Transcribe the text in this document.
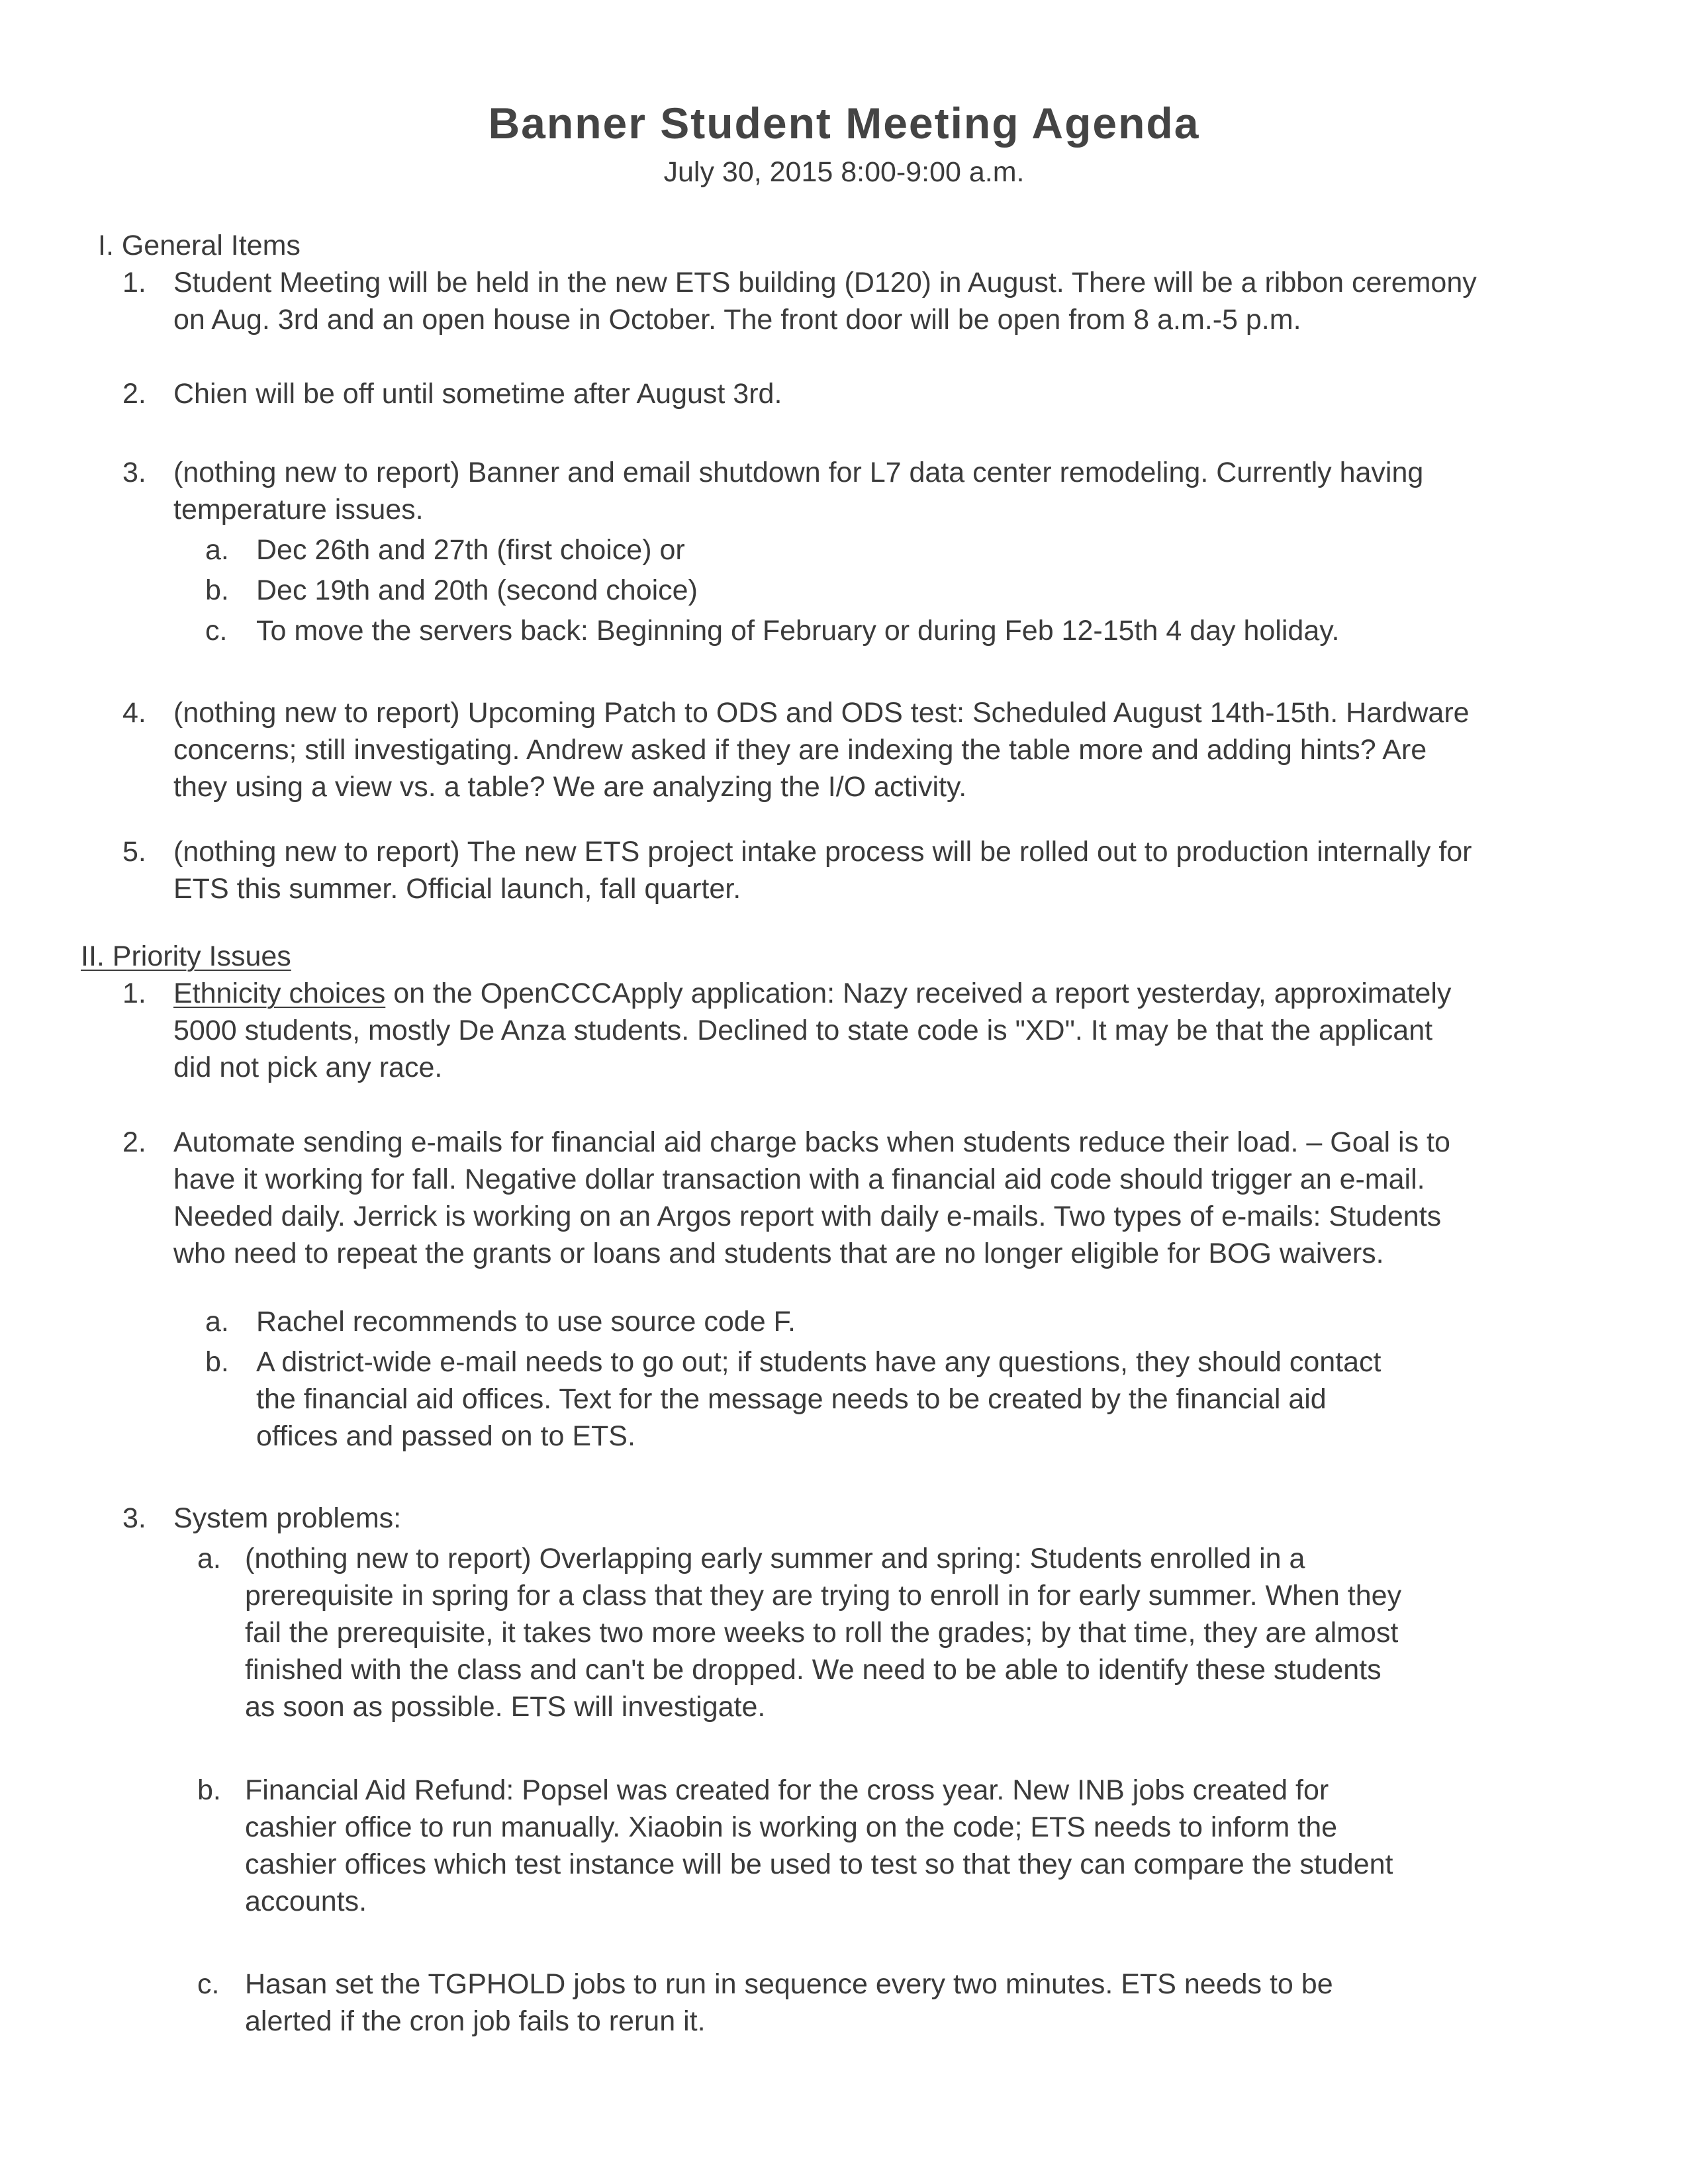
Banner Student Meeting Agenda
July 30, 2015 8:00-9:00 a.m.
I. General Items
1. Student Meeting will be held in the new ETS building (D120) in August. There will be a ribbon ceremony
on Aug. 3rd and an open house in October. The front door will be open from 8 a.m.-5 p.m.
2. Chien will be off until sometime after August 3rd.
3. (nothing new to report) Banner and email shutdown for L7 data center remodeling. Currently having
temperature issues.
a. Dec 26th and 27th (first choice) or
b. Dec 19th and 20th (second choice)
c. To move the servers back: Beginning of February or during Feb 12-15th 4 day holiday.
4. (nothing new to report) Upcoming Patch to ODS and ODS test: Scheduled August 14th-15th. Hardware
concerns; still investigating. Andrew asked if they are indexing the table more and adding hints? Are
they using a view vs. a table? We are analyzing the I/O activity.
5. (nothing new to report) The new ETS project intake process will be rolled out to production internally for
ETS this summer. Official launch, fall quarter.
II. Priority Issues
1. Ethnicity choices on the OpenCCCApply application: Nazy received a report yesterday, approximately
5000 students, mostly De Anza students. Declined to state code is "XD". It may be that the applicant
did not pick any race.
2. Automate sending e-mails for financial aid charge backs when students reduce their load. – Goal is to
have it working for fall. Negative dollar transaction with a financial aid code should trigger an e-mail.
Needed daily. Jerrick is working on an Argos report with daily e-mails. Two types of e-mails: Students
who need to repeat the grants or loans and students that are no longer eligible for BOG waivers.
a. Rachel recommends to use source code F.
b. A district-wide e-mail needs to go out; if students have any questions, they should contact
the financial aid offices. Text for the message needs to be created by the financial aid
offices and passed on to ETS.
3. System problems:
a. (nothing new to report) Overlapping early summer and spring: Students enrolled in a
prerequisite in spring for a class that they are trying to enroll in for early summer. When they
fail the prerequisite, it takes two more weeks to roll the grades; by that time, they are almost
finished with the class and can't be dropped. We need to be able to identify these students
as soon as possible. ETS will investigate.
b. Financial Aid Refund: Popsel was created for the cross year. New INB jobs created for
cashier office to run manually. Xiaobin is working on the code; ETS needs to inform the
cashier offices which test instance will be used to test so that they can compare the student
accounts.
c. Hasan set the TGPHOLD jobs to run in sequence every two minutes. ETS needs to be
alerted if the cron job fails to rerun it.
